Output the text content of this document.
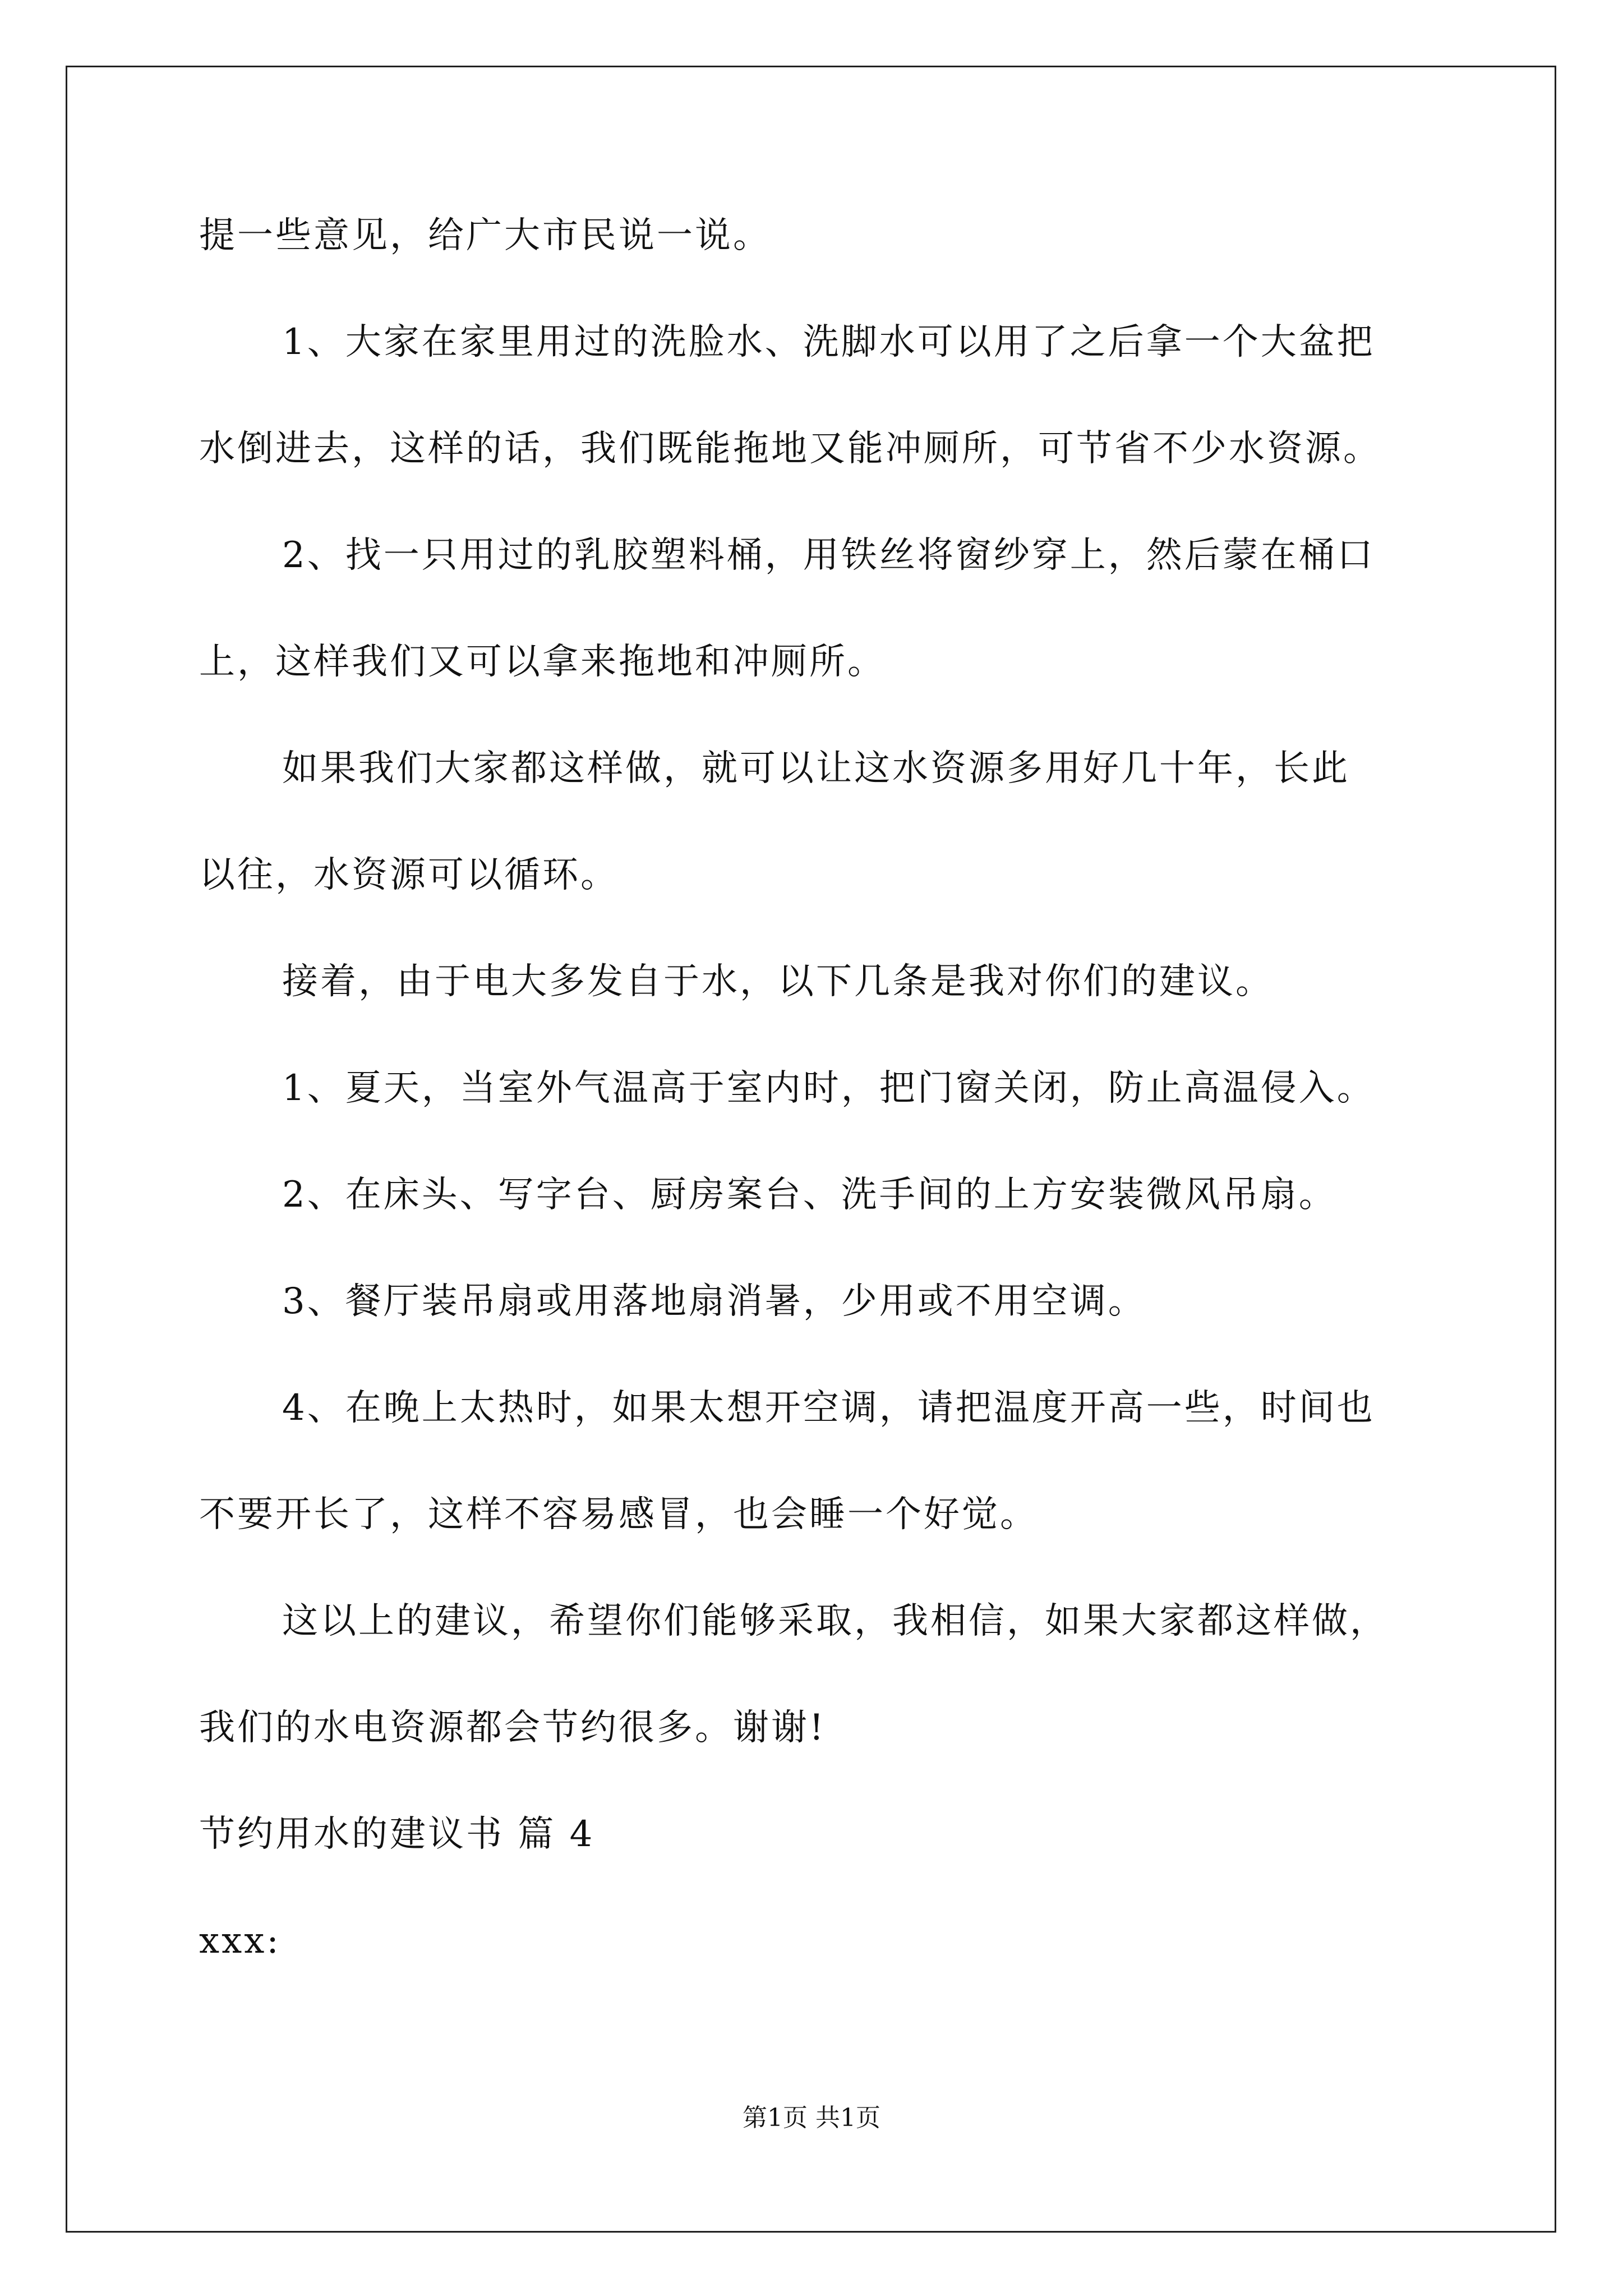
提一些意见，给广大市民说一说。
1、大家在家里用过的洗脸水、洗脚水可以用了之后拿一个大盆把
水倒进去，这样的话，我们既能拖地又能冲厕所，可节省不少水资源。
2、找一只用过的乳胶塑料桶，用铁丝将窗纱穿上，然后蒙在桶口
上，这样我们又可以拿来拖地和冲厕所。
如果我们大家都这样做，就可以让这水资源多用好几十年，长此
以往，水资源可以循环。
接着，由于电大多发自于水，以下几条是我对你们的建议。
1、夏天，当室外气温高于室内时，把门窗关闭，防止高温侵入。
2、在床头、写字台、厨房案台、洗手间的上方安装微风吊扇。
3、餐厅装吊扇或用落地扇消暑，少用或不用空调。
4、在晚上太热时，如果太想开空调，请把温度开高一些，时间也
不要开长了，这样不容易感冒，也会睡一个好觉。
这以上的建议，希望你们能够采取，我相信，如果大家都这样做，
我们的水电资源都会节约很多。谢谢!
节约用水的建议书 篇 4
xxx:
第1页 共1页
